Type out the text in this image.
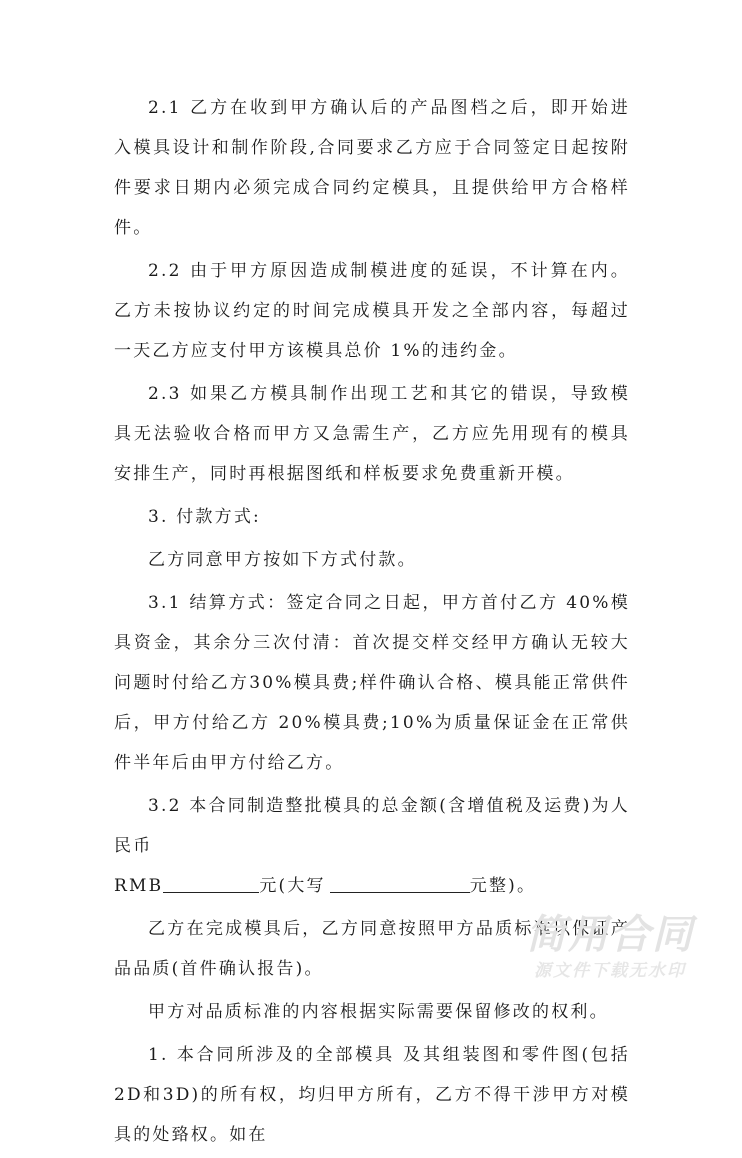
2.1 乙方在收到甲方确认后的产品图档之后，即开始进入模具设计和制作阶段,合同要求乙方应于合同签定日起按附件要求日期内必须完成合同约定模具，且提供给甲方合格样件。

2.2 由于甲方原因造成制模进度的延误，不计算在内。 乙方未按协议约定的时间完成模具开发之全部内容，每超过一天乙方应支付甲方该模具总价 1%的违约金。

2.3 如果乙方模具制作出现工艺和其它的错误，导致模具无法验收合格而甲方又急需生产，乙方应先用现有的模具安排生产，同时再根据图纸和样板要求免费重新开模。

3. 付款方式:

乙方同意甲方按如下方式付款。

3.1 结算方式：签定合同之日起，甲方首付乙方 40%模具资金，其余分三次付清：首次提交样交经甲方确认无较大问题时付给乙方30%模具费;样件确认合格、模具能正常供件后，甲方付给乙方 20%模具费;10%为质量保证金在正常供件半年后由甲方付给乙方。

3.2 本合同制造整批模具的总金额(含增值税及运费)为人民币

RMB	元(大写	元整)。

乙方在完成模具后，乙方同意按照甲方品质标准以保证产品品质(首件确认报告)。

甲方对品质标准的内容根据实际需要保留修改的权利。

1. 本合同所涉及的全部模具 及其组装图和零件图(包括2D和3D)的所有权，均归甲方所有，乙方不得干涉甲方对模具的处臵权。如在

简用合同
源文件下载无水印
